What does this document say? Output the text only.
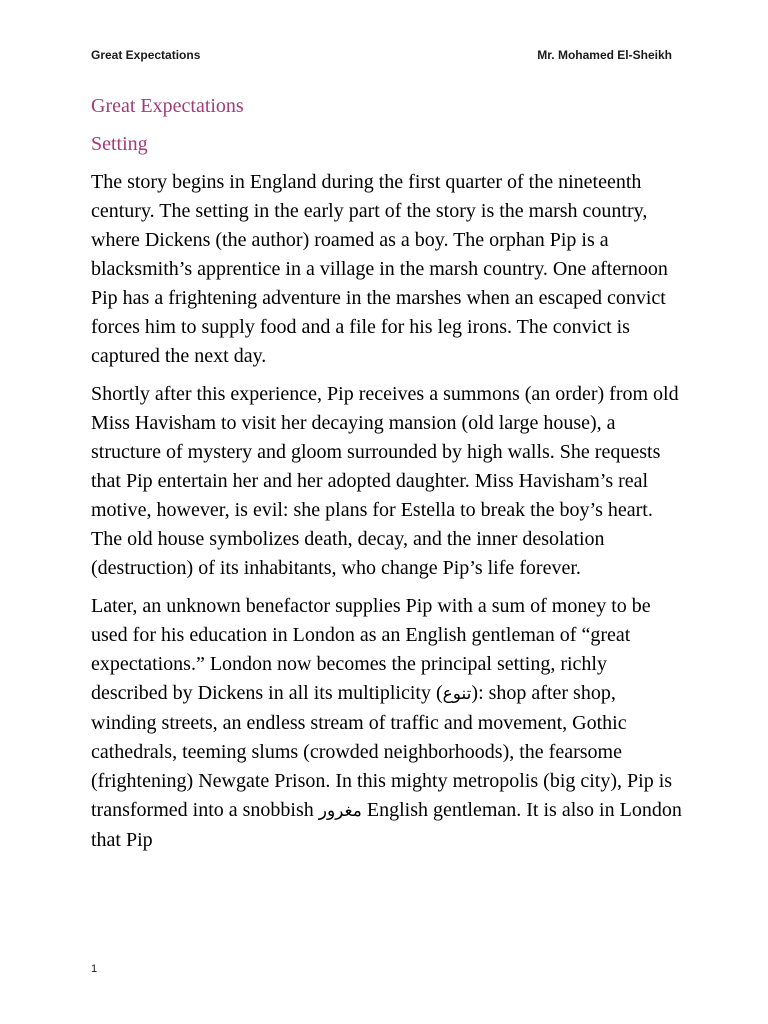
Great Expectations	Mr. Mohamed El-Sheikh
Great Expectations
Setting

The story begins in England during the first quarter of the nineteenth century. The setting in the early part of the story is the marsh country, where Dickens (the author) roamed as a boy. The orphan Pip is a blacksmith’s apprentice in a village in the marsh country. One afternoon Pip has a frightening adventure in the marshes when an escaped convict forces him to supply food and a file for his leg irons. The convict is captured the next day.

Shortly after this experience, Pip receives a summons (an order) from old Miss Havisham to visit her decaying mansion (old large house), a structure of mystery and gloom surrounded by high walls. She requests that Pip entertain her and her adopted daughter. Miss Havisham’s real motive, however, is evil: she plans for Estella to break the boy’s heart. The old house symbolizes death, decay, and the inner desolation (destruction) of its inhabitants, who change Pip’s life forever.

Later, an unknown benefactor supplies Pip with a sum of money to be used for his education in London as an English gentleman of “great expectations.” London now becomes the principal setting, richly described by Dickens in all its multiplicity (تنوع): shop after shop, winding streets, an endless stream of traffic and movement, Gothic cathedrals, teeming slums (crowded neighborhoods), the fearsome (frightening) Newgate Prison. In this mighty metropolis (big city), Pip is transformed into a snobbish مغرور English gentleman. It is also in London that Pip

1
